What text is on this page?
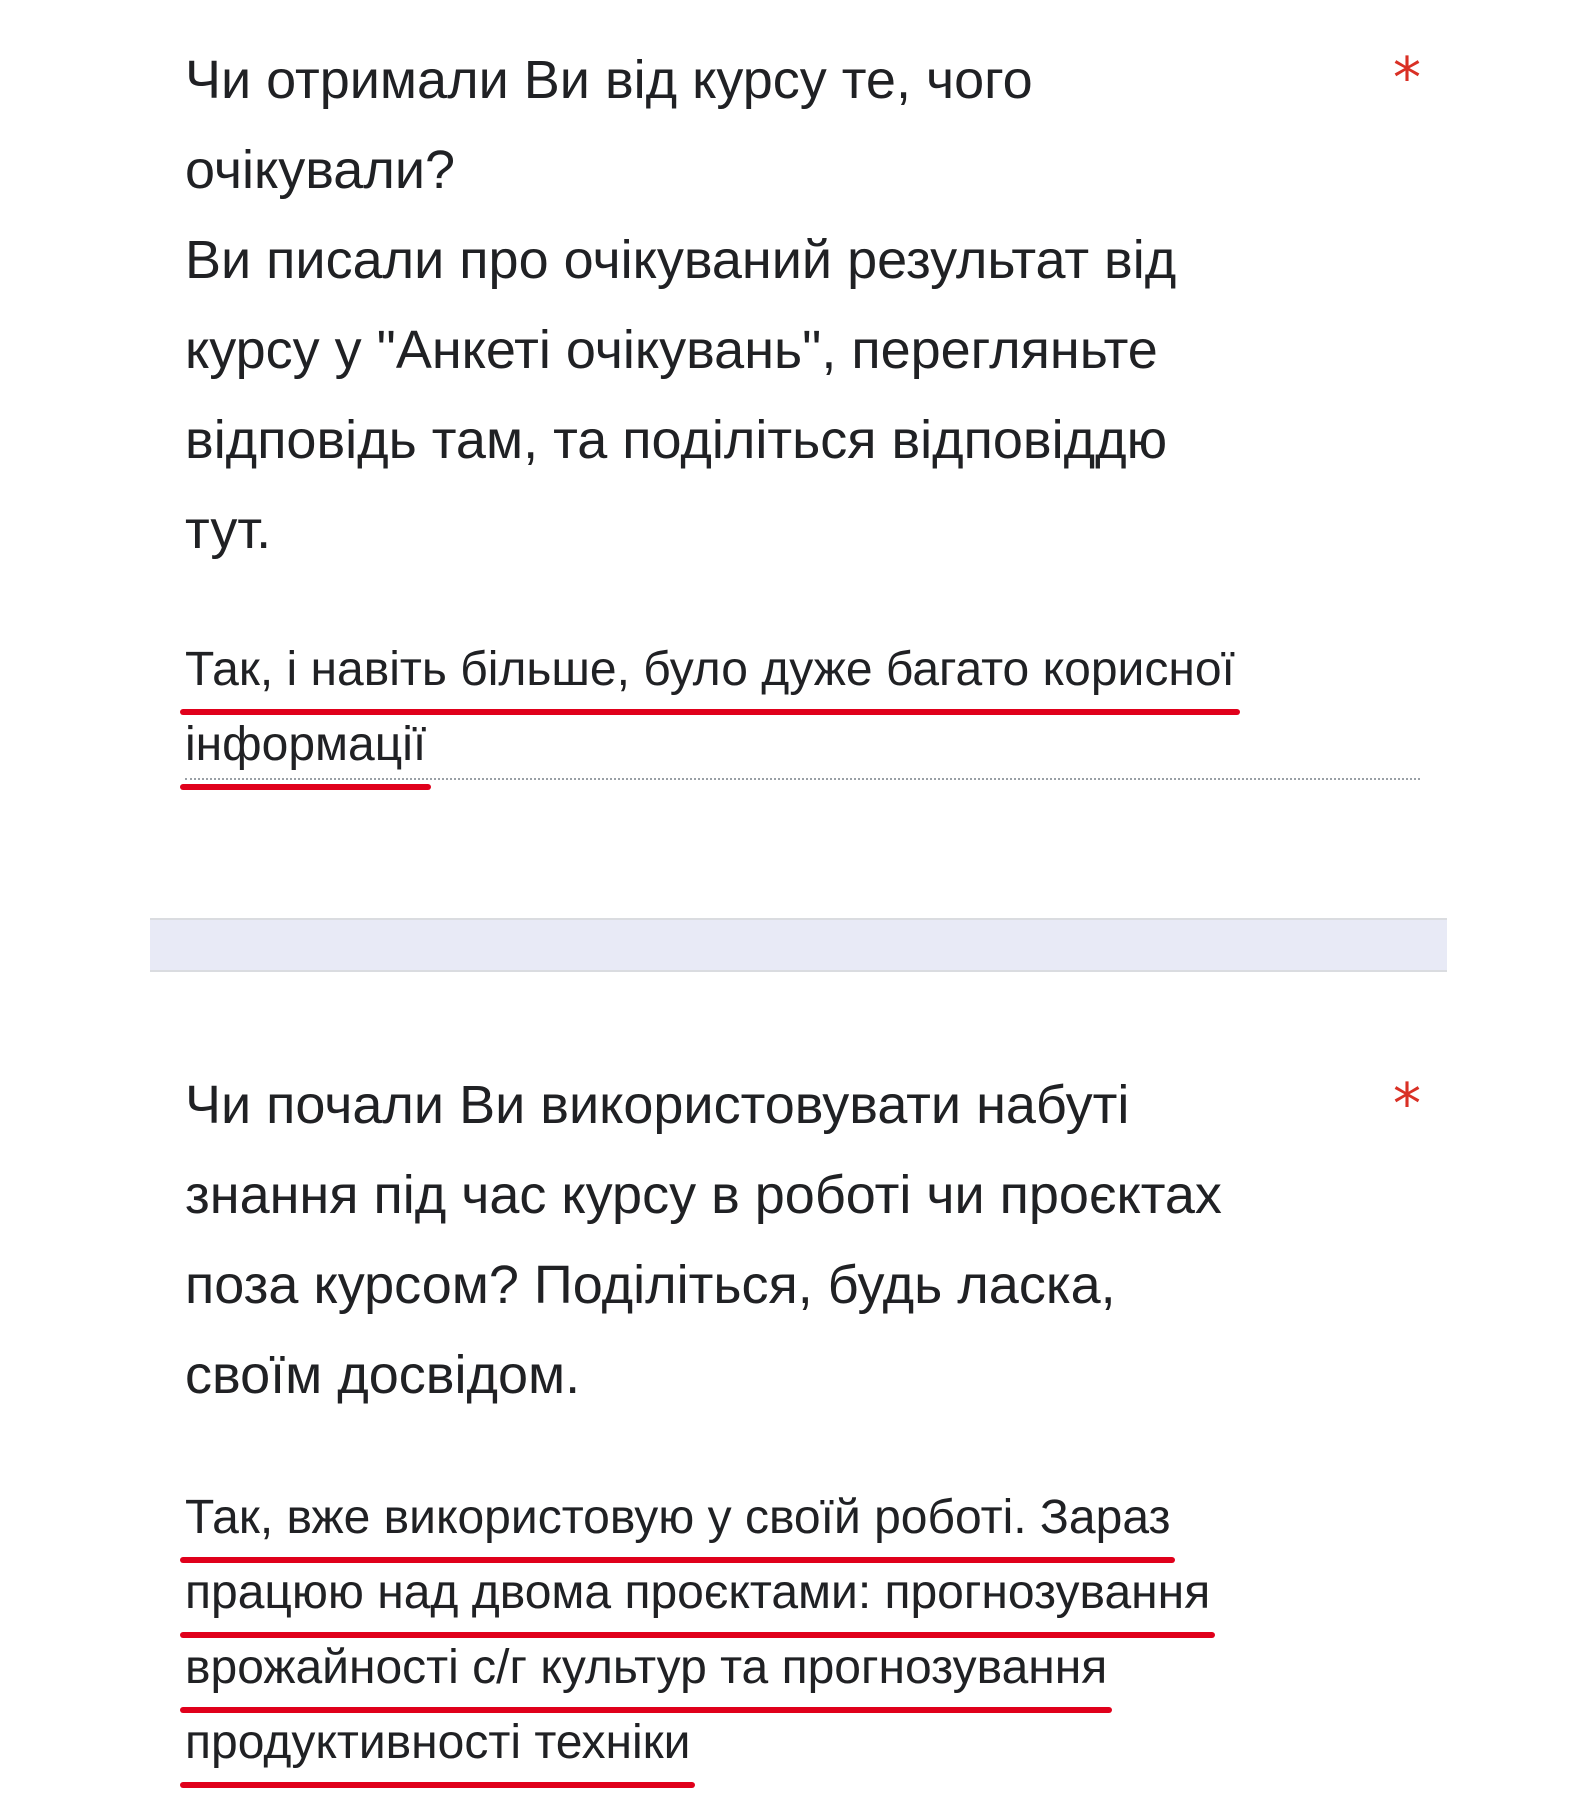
Чи отримали Ви від курсу те, чого
очікували?
Ви писали про очікуваний результат від
курсу у "Анкеті очікувань", перегляньте
відповідь там, та поділіться відповіддю
тут.
*
Так, і навіть більше, було дуже багато корисної
інформації
Чи почали Ви використовувати набуті
знання під час курсу в роботі чи проєктах
поза курсом? Поділіться, будь ласка,
своїм досвідом.
*
Так, вже використовую у своїй роботі. Зараз
працюю над двома проєктами: прогнозування
врожайності с/г культур та прогнозування
продуктивності техніки
